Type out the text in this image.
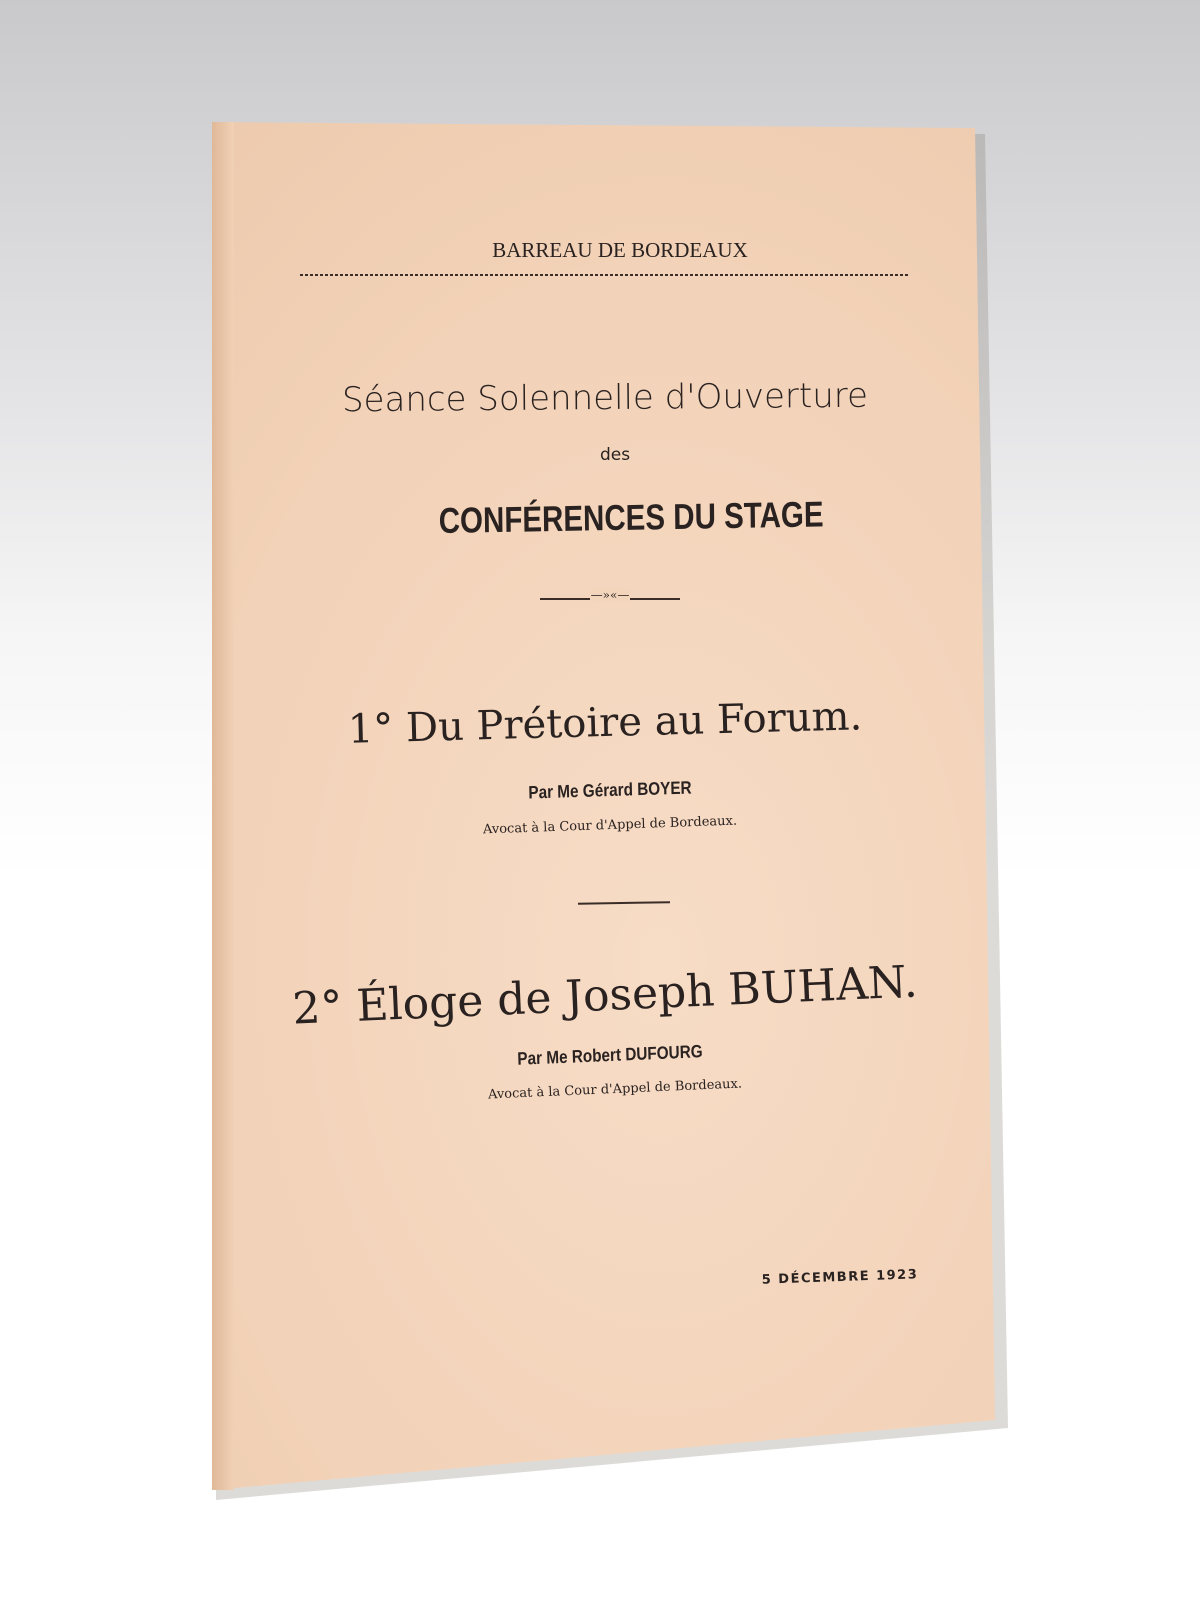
BARREAU DE BORDEAUX
Séance Solennelle d'Ouverture
des
CONFÉRENCES DU STAGE
—»«—
1° Du Prétoire au Forum.
Par Me Gérard BOYER
Avocat à la Cour d'Appel de Bordeaux.
2° Éloge de Joseph BUHAN.
Par Me Robert DUFOURG
Avocat à la Cour d'Appel de Bordeaux.
5 DÉCEMBRE 1923
